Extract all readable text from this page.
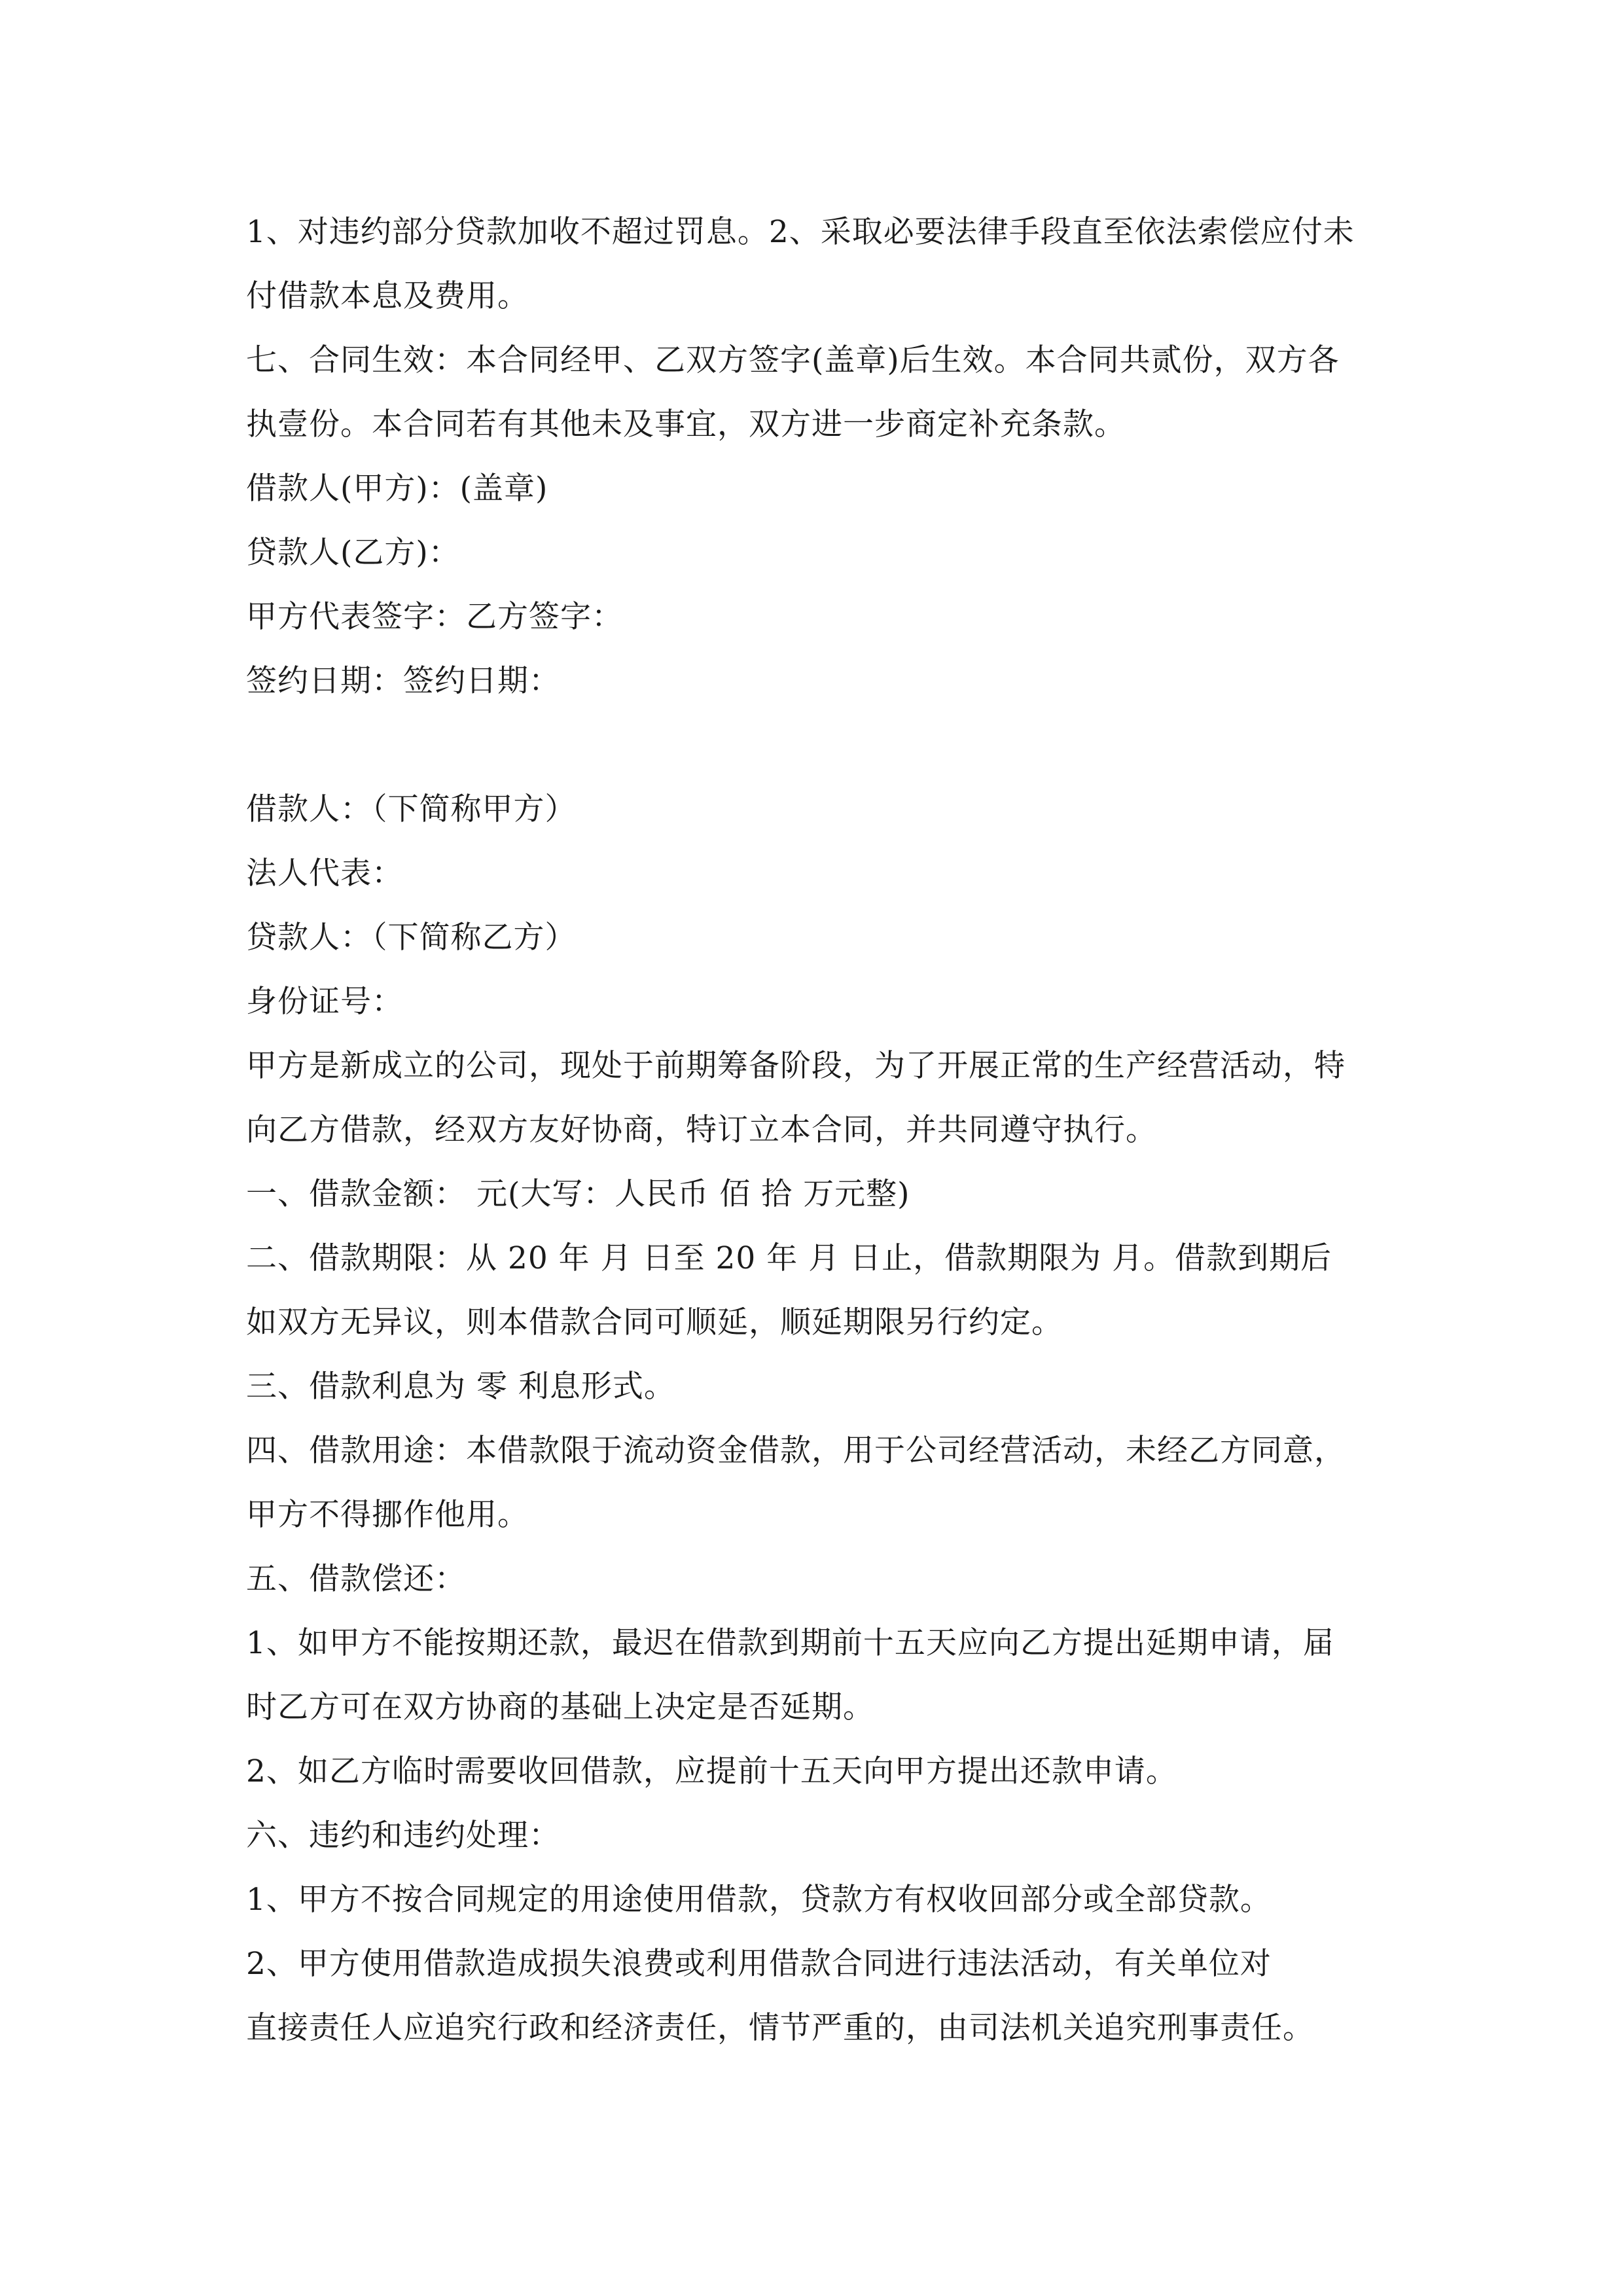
1、对违约部分贷款加收不超过罚息。2、采取必要法律手段直至依法索偿应付未
付借款本息及费用。
七、合同生效：本合同经甲、乙双方签字(盖章)后生效。本合同共贰份，双方各
执壹份。本合同若有其他未及事宜，双方进一步商定补充条款。
借款人(甲方)：(盖章)
贷款人(乙方)：
甲方代表签字：乙方签字：
签约日期：签约日期：
借款人：（下简称甲方）
法人代表：
贷款人：（下简称乙方）
身份证号：
甲方是新成立的公司，现处于前期筹备阶段，为了开展正常的生产经营活动，特
向乙方借款，经双方友好协商，特订立本合同，并共同遵守执行。
一、借款金额： 元(大写：人民币 佰 拾 万元整)
二、借款期限：从 20 年 月 日至 20 年 月 日止，借款期限为 月。借款到期后
如双方无异议，则本借款合同可顺延，顺延期限另行约定。
三、借款利息为 零 利息形式。
四、借款用途：本借款限于流动资金借款，用于公司经营活动，未经乙方同意，
甲方不得挪作他用。
五、借款偿还：
1、如甲方不能按期还款，最迟在借款到期前十五天应向乙方提出延期申请，届
时乙方可在双方协商的基础上决定是否延期。
2、如乙方临时需要收回借款，应提前十五天向甲方提出还款申请。
六、违约和违约处理：
1、甲方不按合同规定的用途使用借款，贷款方有权收回部分或全部贷款。
2、甲方使用借款造成损失浪费或利用借款合同进行违法活动，有关单位对
直接责任人应追究行政和经济责任，情节严重的，由司法机关追究刑事责任。
